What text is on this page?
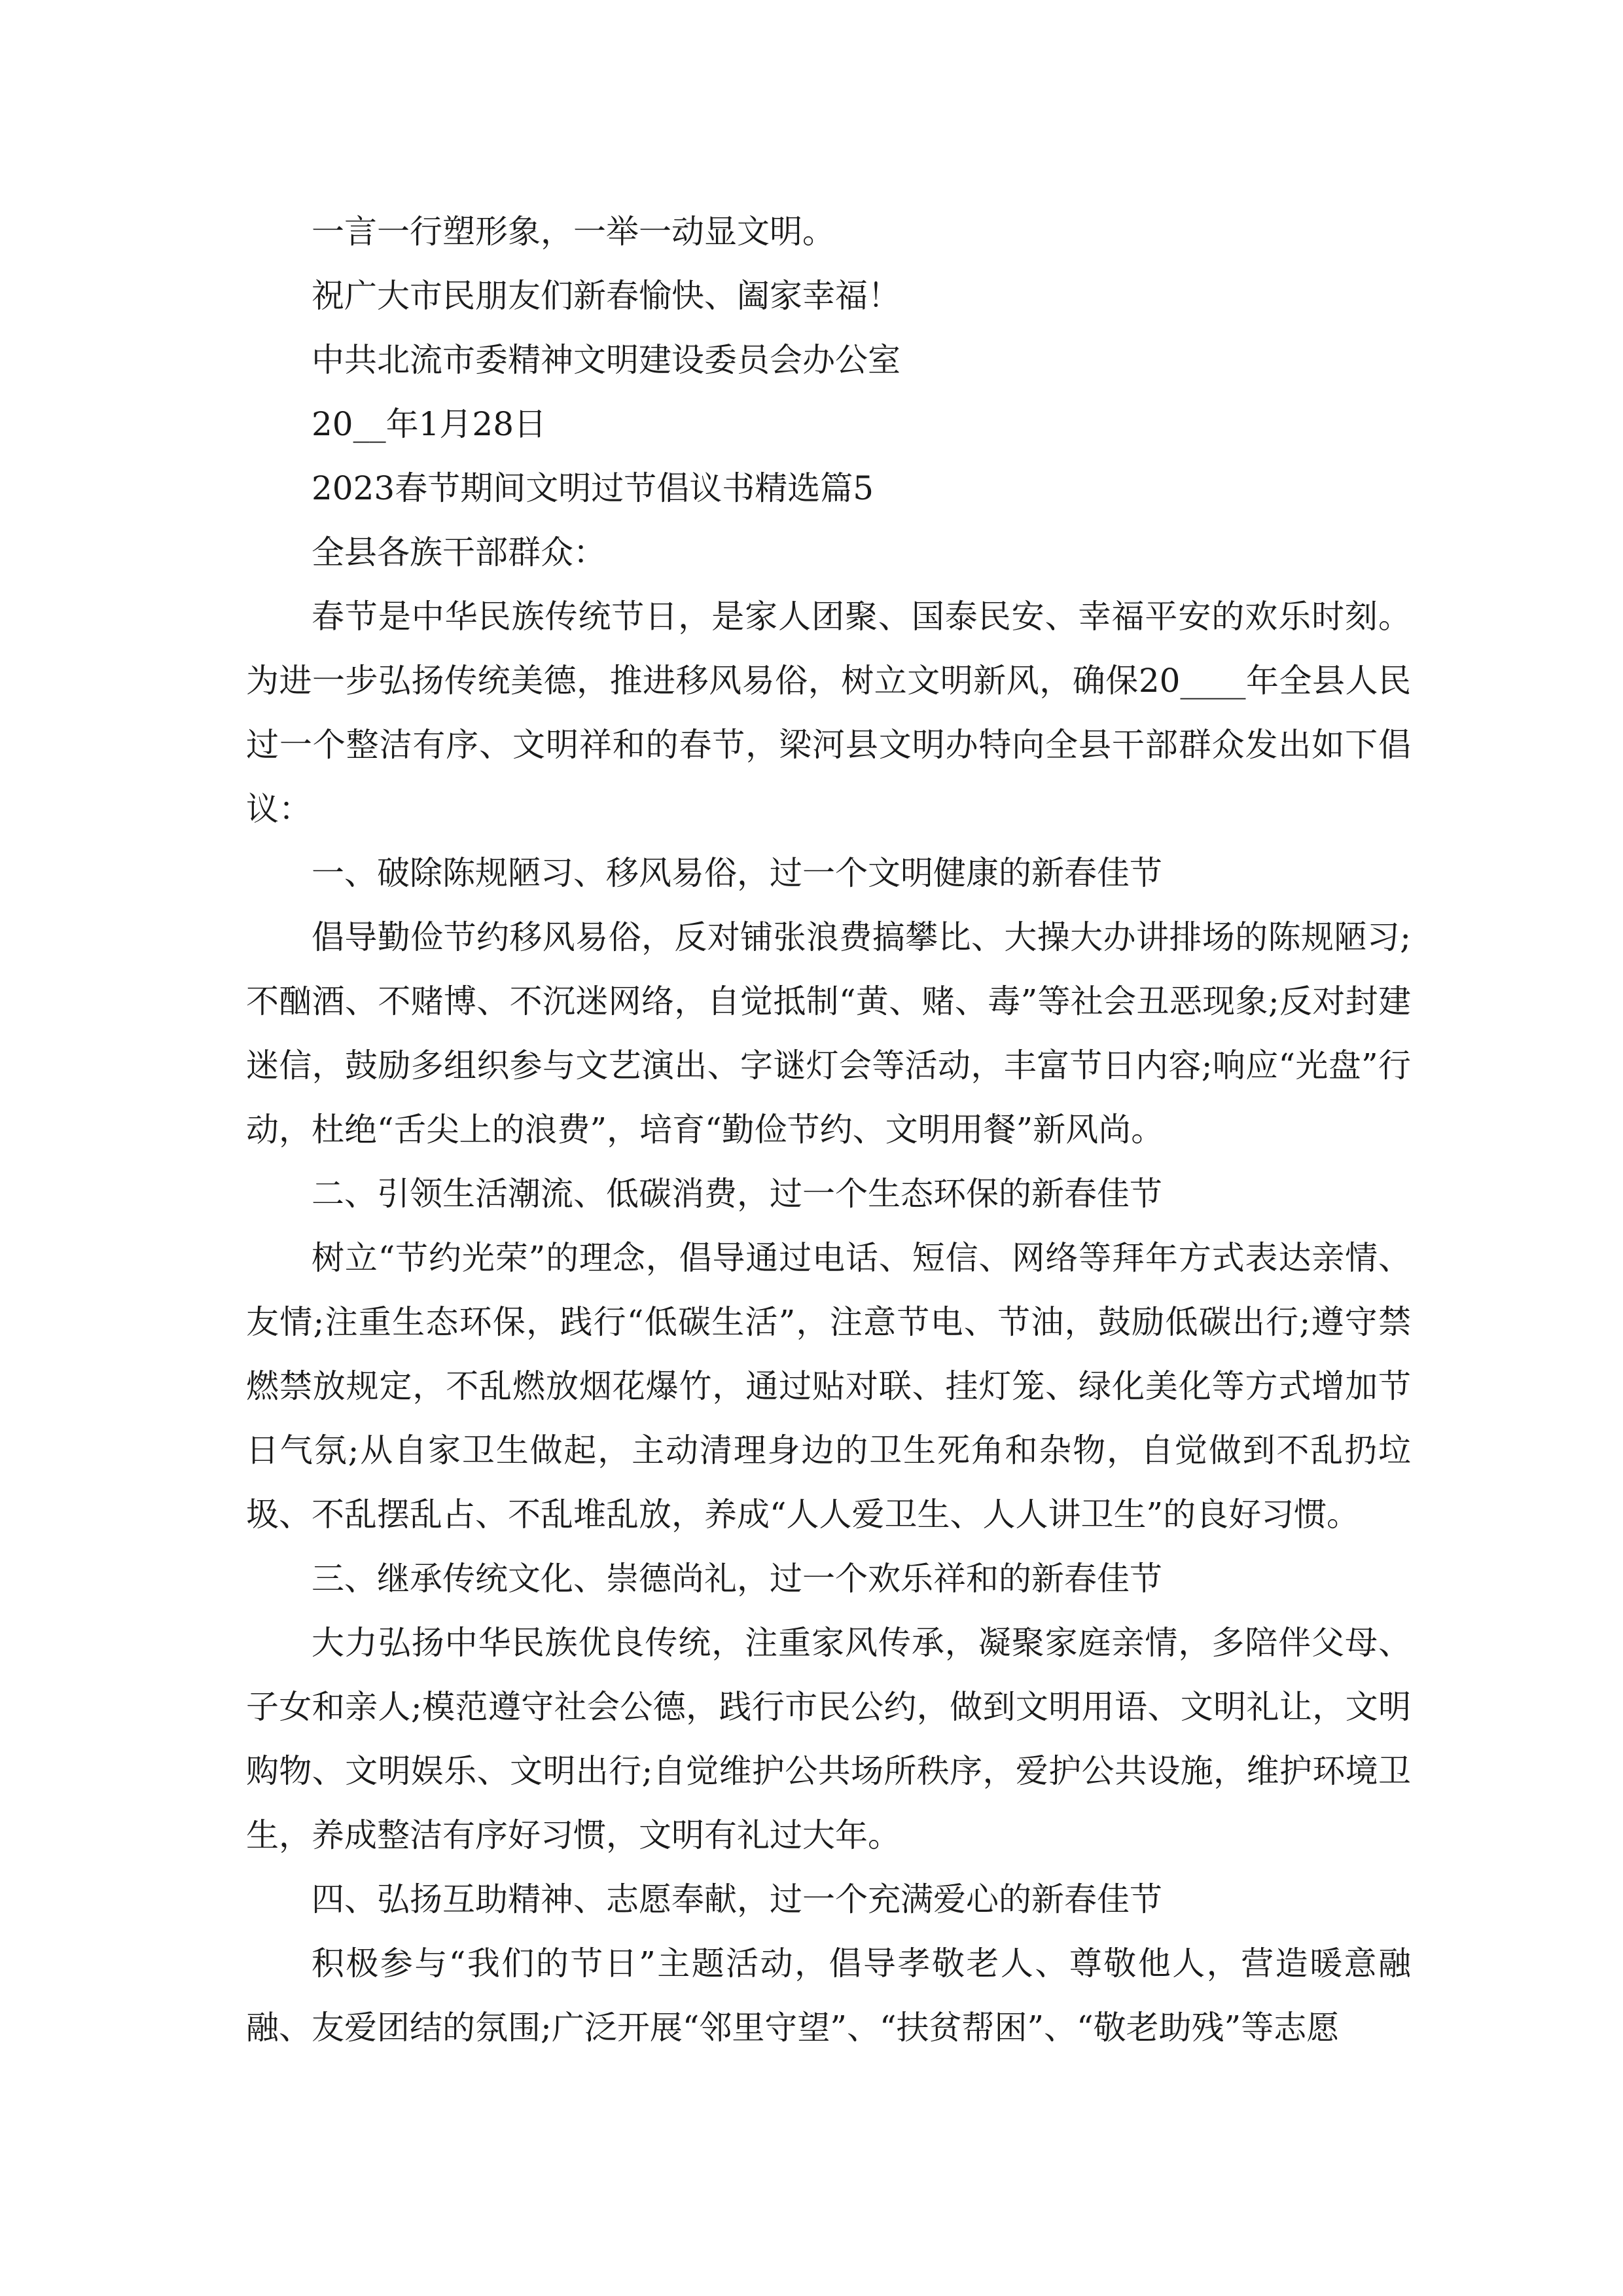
一言一行塑形象，一举一动显文明。

祝广大市民朋友们新春愉快、阖家幸福！

中共北流市委精神文明建设委员会办公室

20__年1月28日

2023春节期间文明过节倡议书精选篇5

全县各族干部群众：

春节是中华民族传统节日，是家人团聚、国泰民安、幸福平安的欢乐时刻。为进一步弘扬传统美德，推进移风易俗，树立文明新风，确保20____年全县人民过一个整洁有序、文明祥和的春节，梁河县文明办特向全县干部群众发出如下倡议：

一、破除陈规陋习、移风易俗，过一个文明健康的新春佳节

倡导勤俭节约移风易俗，反对铺张浪费搞攀比、大操大办讲排场的陈规陋习;不酗酒、不赌博、不沉迷网络，自觉抵制“黄、赌、毒”等社会丑恶现象;反对封建迷信，鼓励多组织参与文艺演出、字谜灯会等活动，丰富节日内容;响应“光盘”行动，杜绝“舌尖上的浪费”，培育“勤俭节约、文明用餐”新风尚。

二、引领生活潮流、低碳消费，过一个生态环保的新春佳节

树立“节约光荣”的理念，倡导通过电话、短信、网络等拜年方式表达亲情、友情;注重生态环保，践行“低碳生活”，注意节电、节油，鼓励低碳出行;遵守禁燃禁放规定，不乱燃放烟花爆竹，通过贴对联、挂灯笼、绿化美化等方式增加节日气氛;从自家卫生做起，主动清理身边的卫生死角和杂物，自觉做到不乱扔垃圾、不乱摆乱占、不乱堆乱放，养成“人人爱卫生、人人讲卫生”的良好习惯。

三、继承传统文化、崇德尚礼，过一个欢乐祥和的新春佳节

大力弘扬中华民族优良传统，注重家风传承，凝聚家庭亲情，多陪伴父母、子女和亲人;模范遵守社会公德，践行市民公约，做到文明用语、文明礼让，文明购物、文明娱乐、文明出行;自觉维护公共场所秩序，爱护公共设施，维护环境卫生，养成整洁有序好习惯，文明有礼过大年。

四、弘扬互助精神、志愿奉献，过一个充满爱心的新春佳节

积极参与“我们的节日”主题活动，倡导孝敬老人、尊敬他人，营造暖意融融、友爱团结的氛围;广泛开展“邻里守望”、“扶贫帮困”、“敬老助残”等志愿
